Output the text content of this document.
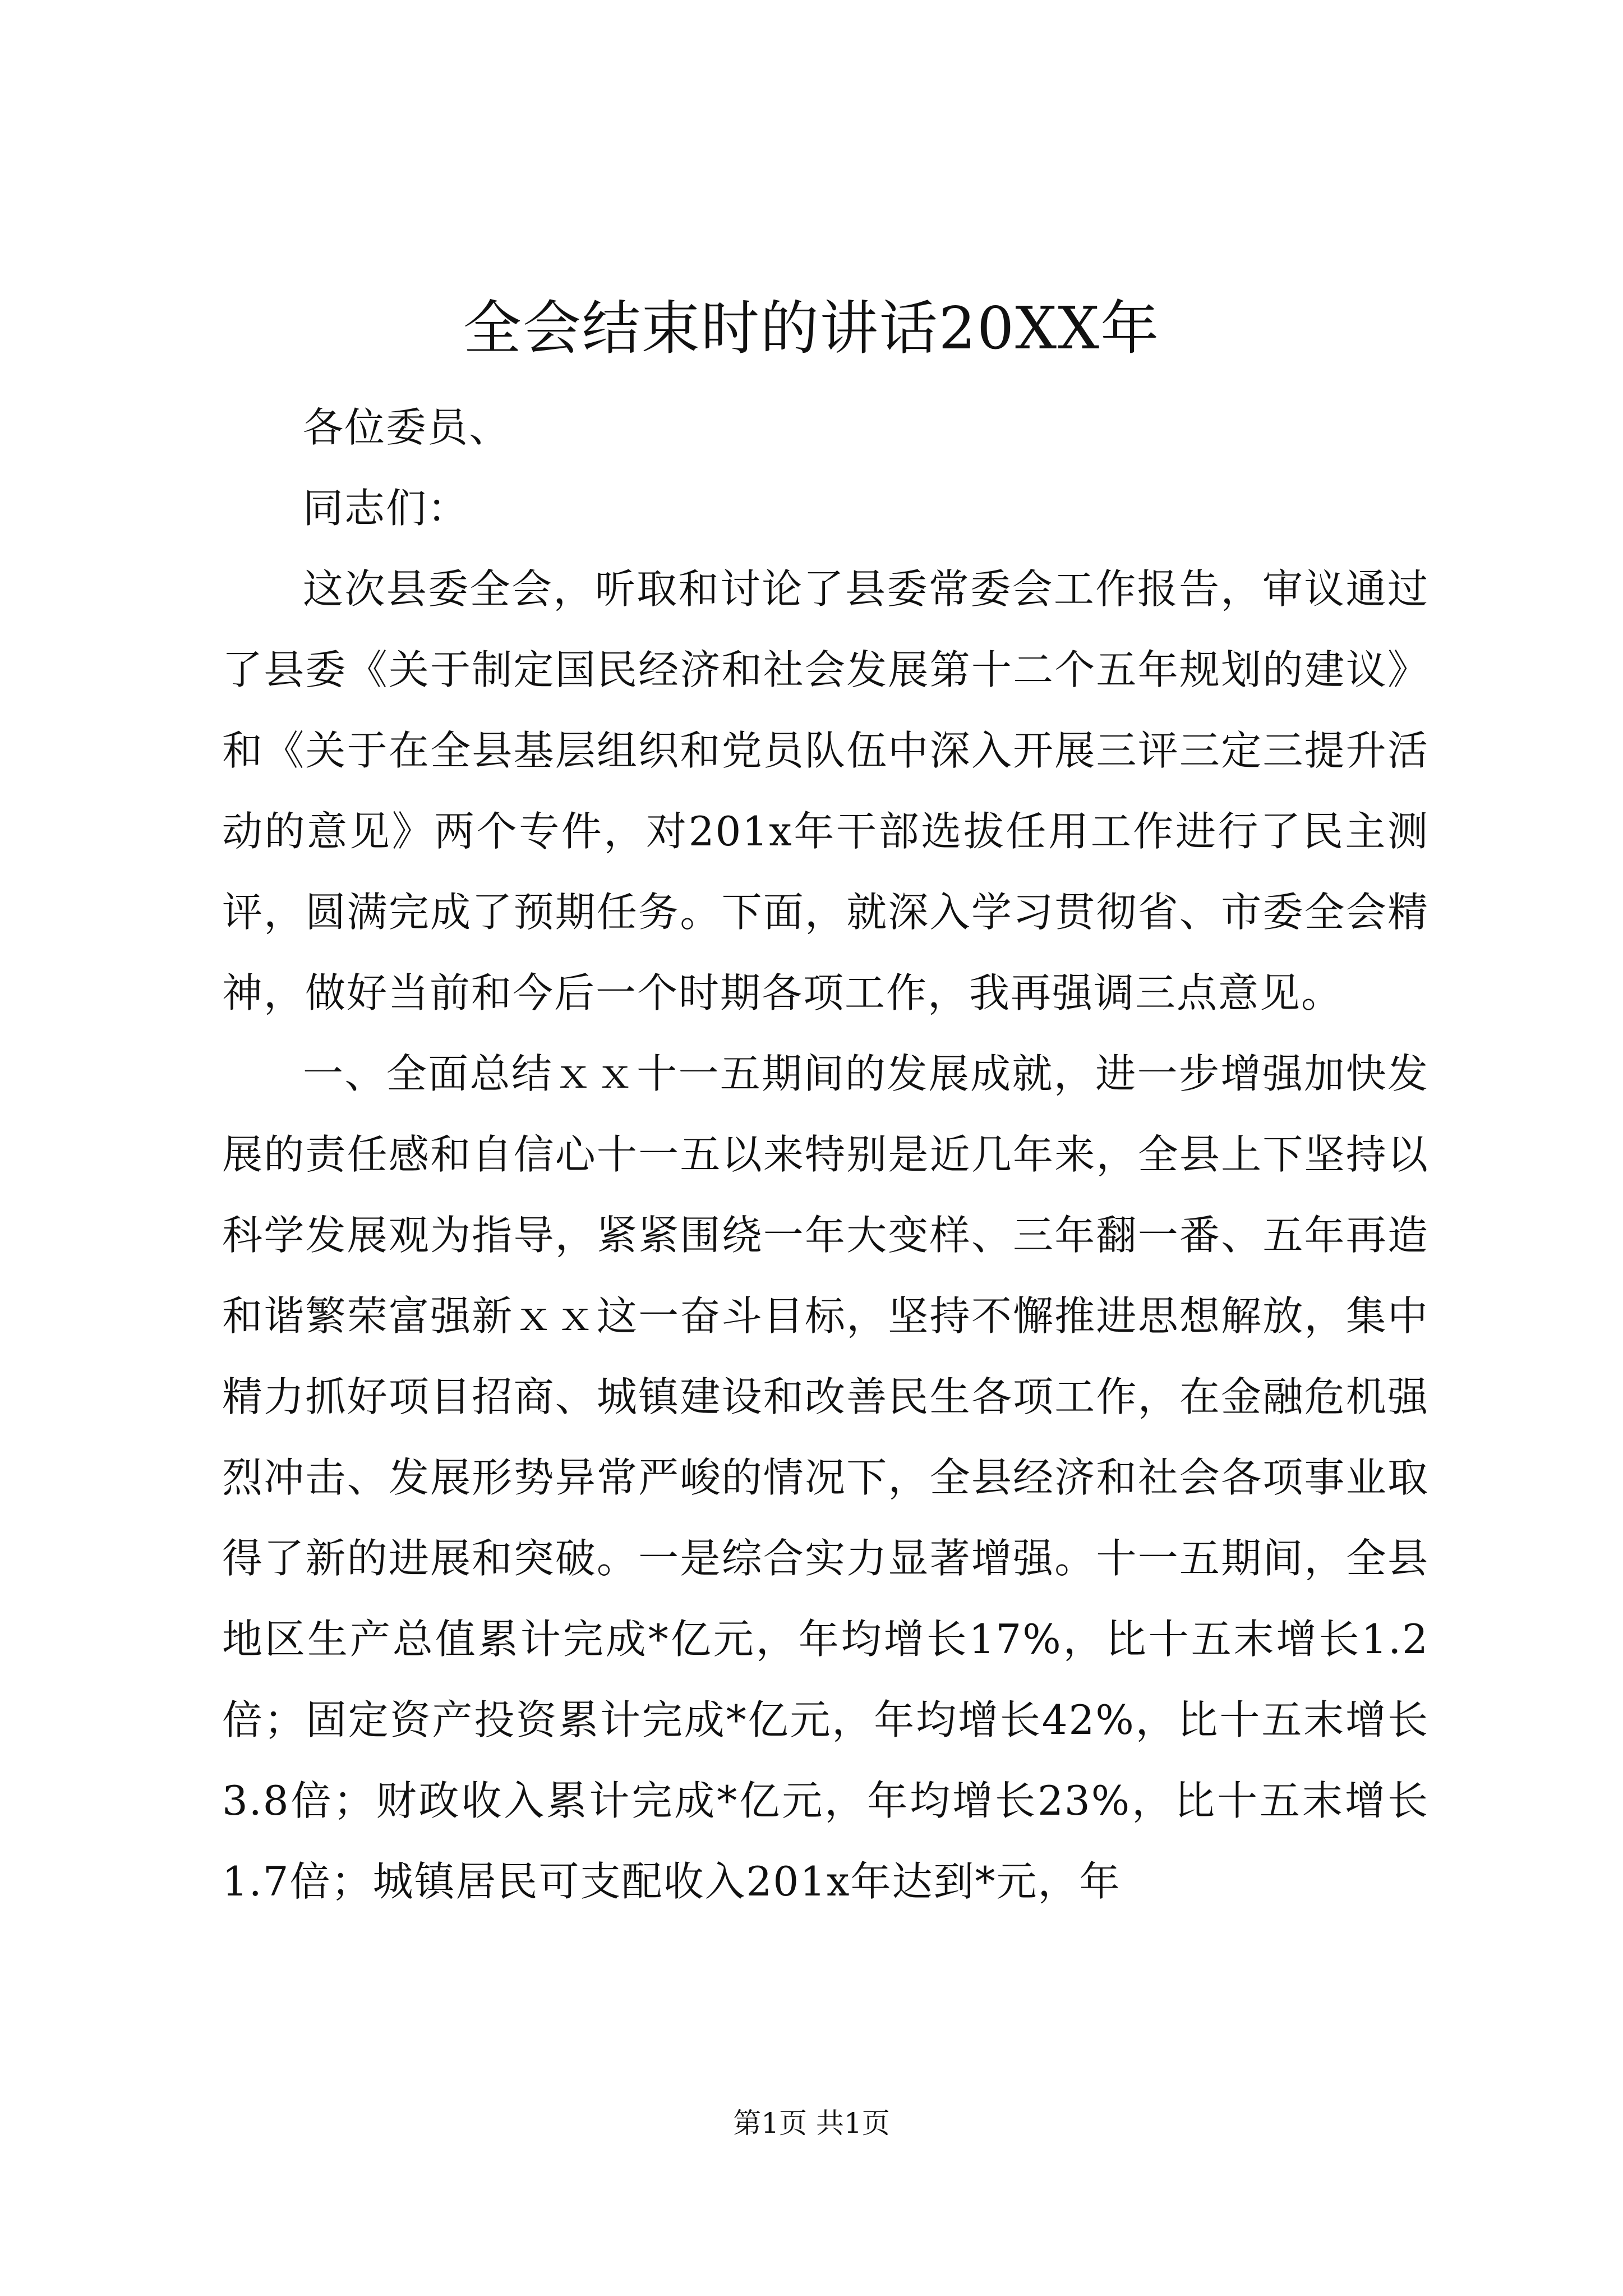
全会结束时的讲话20XX年

各位委员、

同志们：

这次县委全会，听取和讨论了县委常委会工作报告，审议通过了县委《关于制定国民经济和社会发展第十二个五年规划的建议》和《关于在全县基层组织和党员队伍中深入开展三评三定三提升活动的意见》两个专件，对201x年干部选拔任用工作进行了民主测评，圆满完成了预期任务。下面，就深入学习贯彻省、市委全会精神，做好当前和今后一个时期各项工作，我再强调三点意见。

一、全面总结ｘｘ十一五期间的发展成就，进一步增强加快发展的责任感和自信心十一五以来特别是近几年来，全县上下坚持以科学发展观为指导，紧紧围绕一年大变样、三年翻一番、五年再造和谐繁荣富强新ｘｘ这一奋斗目标，坚持不懈推进思想解放，集中精力抓好项目招商、城镇建设和改善民生各项工作，在金融危机强烈冲击、发展形势异常严峻的情况下，全县经济和社会各项事业取得了新的进展和突破。一是综合实力显著增强。十一五期间，全县地区生产总值累计完成*亿元，年均增长17%，比十五末增长1.2倍；固定资产投资累计完成*亿元，年均增长42%，比十五末增长3.8倍；财政收入累计完成*亿元，年均增长23%，比十五末增长1.7倍；城镇居民可支配收入201x年达到*元，年

第1页 共1页
